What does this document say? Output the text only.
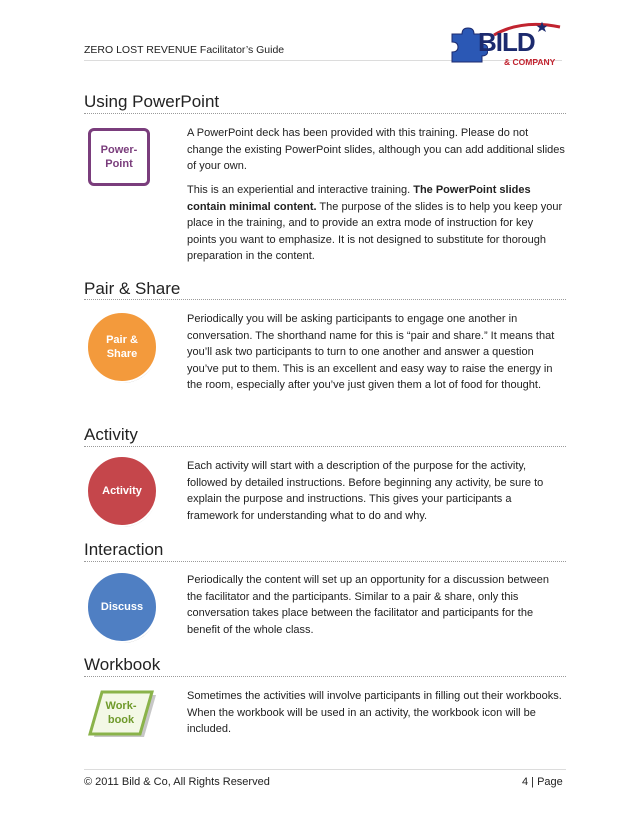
ZERO LOST REVENUE Facilitator’s Guide	BILD
& COMPANY
Using PowerPoint
Power-
Point
A PowerPoint deck has been provided with this training. Please do not change the existing PowerPoint slides, although you can add additional slides of your own.
This is an experiential and interactive training. The PowerPoint slides contain minimal content. The purpose of the slides is to help you keep your place in the training, and to provide an extra mode of instruction for key points you want to emphasize. It is not designed to substitute for thorough preparation in the content.
Pair & Share
Pair &
Share
Periodically you will be asking participants to engage one another in conversation. The shorthand name for this is “pair and share.” It means that you’ll ask two participants to turn to one another and answer a question you’ve put to them. This is an excellent and easy way to raise the energy in the room, especially after you’ve just given them a lot of food for thought.
Activity
Activity
Each activity will start with a description of the purpose for the activity, followed by detailed instructions. Before beginning any activity, be sure to explain the purpose and instructions. This gives your participants a framework for understanding what to do and why.
Interaction
Discuss
Periodically the content will set up an opportunity for a discussion between the facilitator and the participants. Similar to a pair & share, only this conversation takes place between the facilitator and participants for the benefit of the whole class.
Workbook
Work-
book
Sometimes the activities will involve participants in filling out their workbooks. When the workbook will be used in an activity, the workbook icon will be included.
© 2011 Bild & Co, All Rights Reserved	4 | Page
